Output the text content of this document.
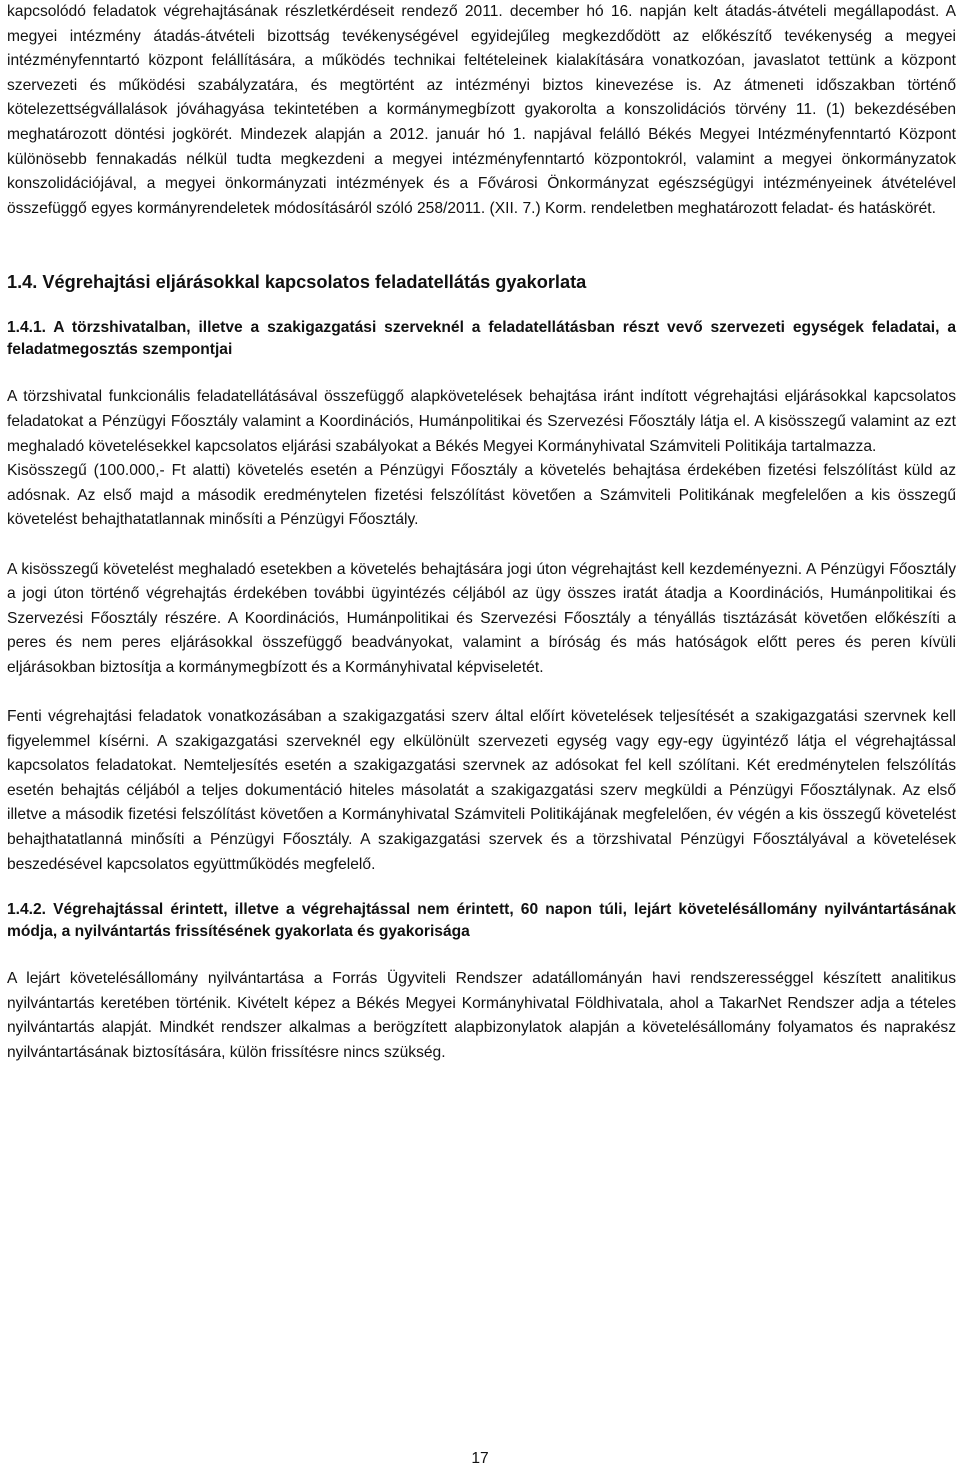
kapcsolódó feladatok végrehajtásának részletkérdéseit rendező 2011. december hó 16. napján kelt átadás-átvételi megállapodást. A megyei intézmény átadás-átvételi bizottság tevékenységével egyidejűleg megkezdődött az előkészítő tevékenység a megyei intézményfenntartó központ felállítására, a működés technikai feltételeinek kialakítására vonatkozóan, javaslatot tettünk a központ szervezeti és működési szabályzatára, és megtörtént az intézményi biztos kinevezése is. Az átmeneti időszakban történő kötelezettségvállalások jóváhagyása tekintetében a kormánymegbízott gyakorolta a konszolidációs törvény 11. (1) bekezdésében meghatározott döntési jogkörét. Mindezek alapján a 2012. január hó 1. napjával felálló Békés Megyei Intézményfenntartó Központ különösebb fennakadás nélkül tudta megkezdeni a megyei intézményfenntartó központokról, valamint a megyei önkormányzatok konszolidációjával, a megyei önkormányzati intézmények és a Fővárosi Önkormányzat egészségügyi intézményeinek átvételével összefüggő egyes kormányrendeletek módosításáról szóló 258/2011. (XII. 7.) Korm. rendeletben meghatározott feladat- és hatáskörét.

1.4. Végrehajtási eljárásokkal kapcsolatos feladatellátás gyakorlata
1.4.1. A törzshivatalban, illetve a szakigazgatási szerveknél a feladatellátásban részt vevő szervezeti egységek feladatai, a feladatmegosztás szempontjai

A törzshivatal funkcionális feladatellátásával összefüggő alapkövetelések behajtása iránt indított végrehajtási eljárásokkal kapcsolatos feladatokat a Pénzügyi Főosztály valamint a Koordinációs, Humánpolitikai és Szervezési Főosztály látja el. A kisösszegű valamint az ezt meghaladó követelésekkel kapcsolatos eljárási szabályokat a Békés Megyei Kormányhivatal Számviteli Politikája tartalmazza.

Kisösszegű (100.000,- Ft alatti) követelés esetén a Pénzügyi Főosztály a követelés behajtása érdekében fizetési felszólítást küld az adósnak. Az első majd a második eredménytelen fizetési felszólítást követően a Számviteli Politikának megfelelően a kis összegű követelést behajthatatlannak minősíti a Pénzügyi Főosztály.

A kisösszegű követelést meghaladó esetekben a követelés behajtására jogi úton végrehajtást kell kezdeményezni. A Pénzügyi Főosztály a jogi úton történő végrehajtás érdekében további ügyintézés céljából az ügy összes iratát átadja a Koordinációs, Humánpolitikai és Szervezési Főosztály részére. A Koordinációs, Humánpolitikai és Szervezési Főosztály a tényállás tisztázását követően előkészíti a peres és nem peres eljárásokkal összefüggő beadványokat, valamint a bíróság és más hatóságok előtt peres és peren kívüli eljárásokban biztosítja a kormánymegbízott és a Kormányhivatal képviseletét.

Fenti végrehajtási feladatok vonatkozásában a szakigazgatási szerv által előírt követelések teljesítését a szakigazgatási szervnek kell figyelemmel kísérni. A szakigazgatási szerveknél egy elkülönült szervezeti egység vagy egy-egy ügyintéző látja el végrehajtással kapcsolatos feladatokat. Nemteljesítés esetén a szakigazgatási szervnek az adósokat fel kell szólítani. Két eredménytelen felszólítás esetén behajtás céljából a teljes dokumentáció hiteles másolatát a szakigazgatási szerv megküldi a Pénzügyi Főosztálynak. Az első illetve a második fizetési felszólítást követően a Kormányhivatal Számviteli Politikájának megfelelően, év végén a kis összegű követelést behajthatatlanná minősíti a Pénzügyi Főosztály. A szakigazgatási szervek és a törzshivatal Pénzügyi Főosztályával a követelések beszedésével kapcsolatos együttműködés megfelelő.

1.4.2. Végrehajtással érintett, illetve a végrehajtással nem érintett, 60 napon túli, lejárt követelésállomány nyilvántartásának módja, a nyilvántartás frissítésének gyakorlata és gyakorisága

A lejárt követelésállomány nyilvántartása a Forrás Ügyviteli Rendszer adatállományán havi rendszerességgel készített analitikus nyilvántartás keretében történik. Kivételt képez a Békés Megyei Kormányhivatal Földhivatala, ahol a TakarNet Rendszer adja a tételes nyilvántartás alapját. Mindkét rendszer alkalmas a berögzített alapbizonylatok alapján a követelésállomány folyamatos és naprakész nyilvántartásának biztosítására, külön frissítésre nincs szükség.

17
